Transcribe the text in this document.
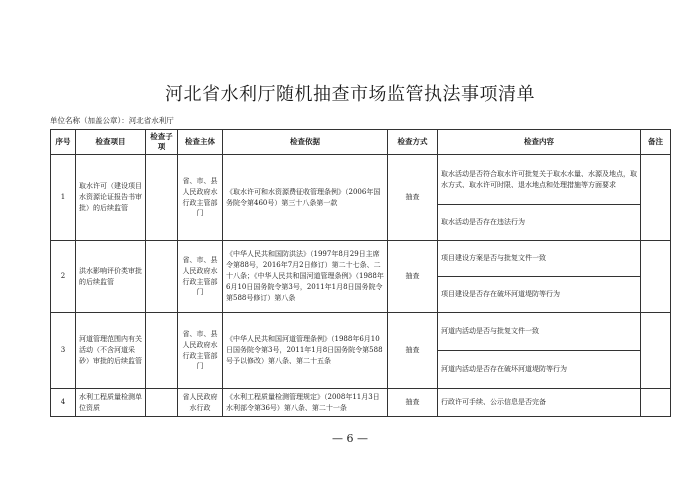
河北省水利厅随机抽查市场监管执法事项清单
单位名称（加盖公章）：河北省水利厅
序号	检查项目	检查子项	检查主体	检查依据	检查方式	检查内容	备注
1	取水许可（建设项目水资源论证报告书审批）的后续监管		省、市、县人民政府水行政主管部门	《取水许可和水资源费征收管理条例》（2006年国务院令第460号）第三十八条第一款	抽查	取水活动是否符合取水许可批复关于取水水量、水源及地点，取水方式、取水许可时限、退水地点和处理措施等方面要求	
						取水活动是否存在违法行为	
2	洪水影响评价类审批的后续监管		省、市、县人民政府水行政主管部门	《中华人民共和国防洪法》（1997年8月29日主席令第88号，2016年7月2日修订）第二十七条、二十八条；《中华人民共和国河道管理条例》（1988年6月10日国务院令第3号，2011年1月8日国务院令第588号修订）第八条	抽查	项目建设方案是否与批复文件一致	
						项目建设是否存在破坏河道堤防等行为	
3	河道管理范围内有关活动（不含河道采砂）审批的后续监管		省、市、县人民政府水行政主管部门	《中华人民共和国河道管理条例》（1988年6月10日国务院令第3号，2011年1月8日国务院令第588号予以修改）第八条、第二十五条	抽查	河道内活动是否与批复文件一致	
						河道内活动是否存在破坏河道堤防等行为	
4	水利工程质量检测单位资质		省人民政府水行政	《水利工程质量检测管理规定》（2008年11月3日水利部令第36号）第八条、第二十一条	抽查	行政许可手续、公示信息是否完备	
— 6 —
